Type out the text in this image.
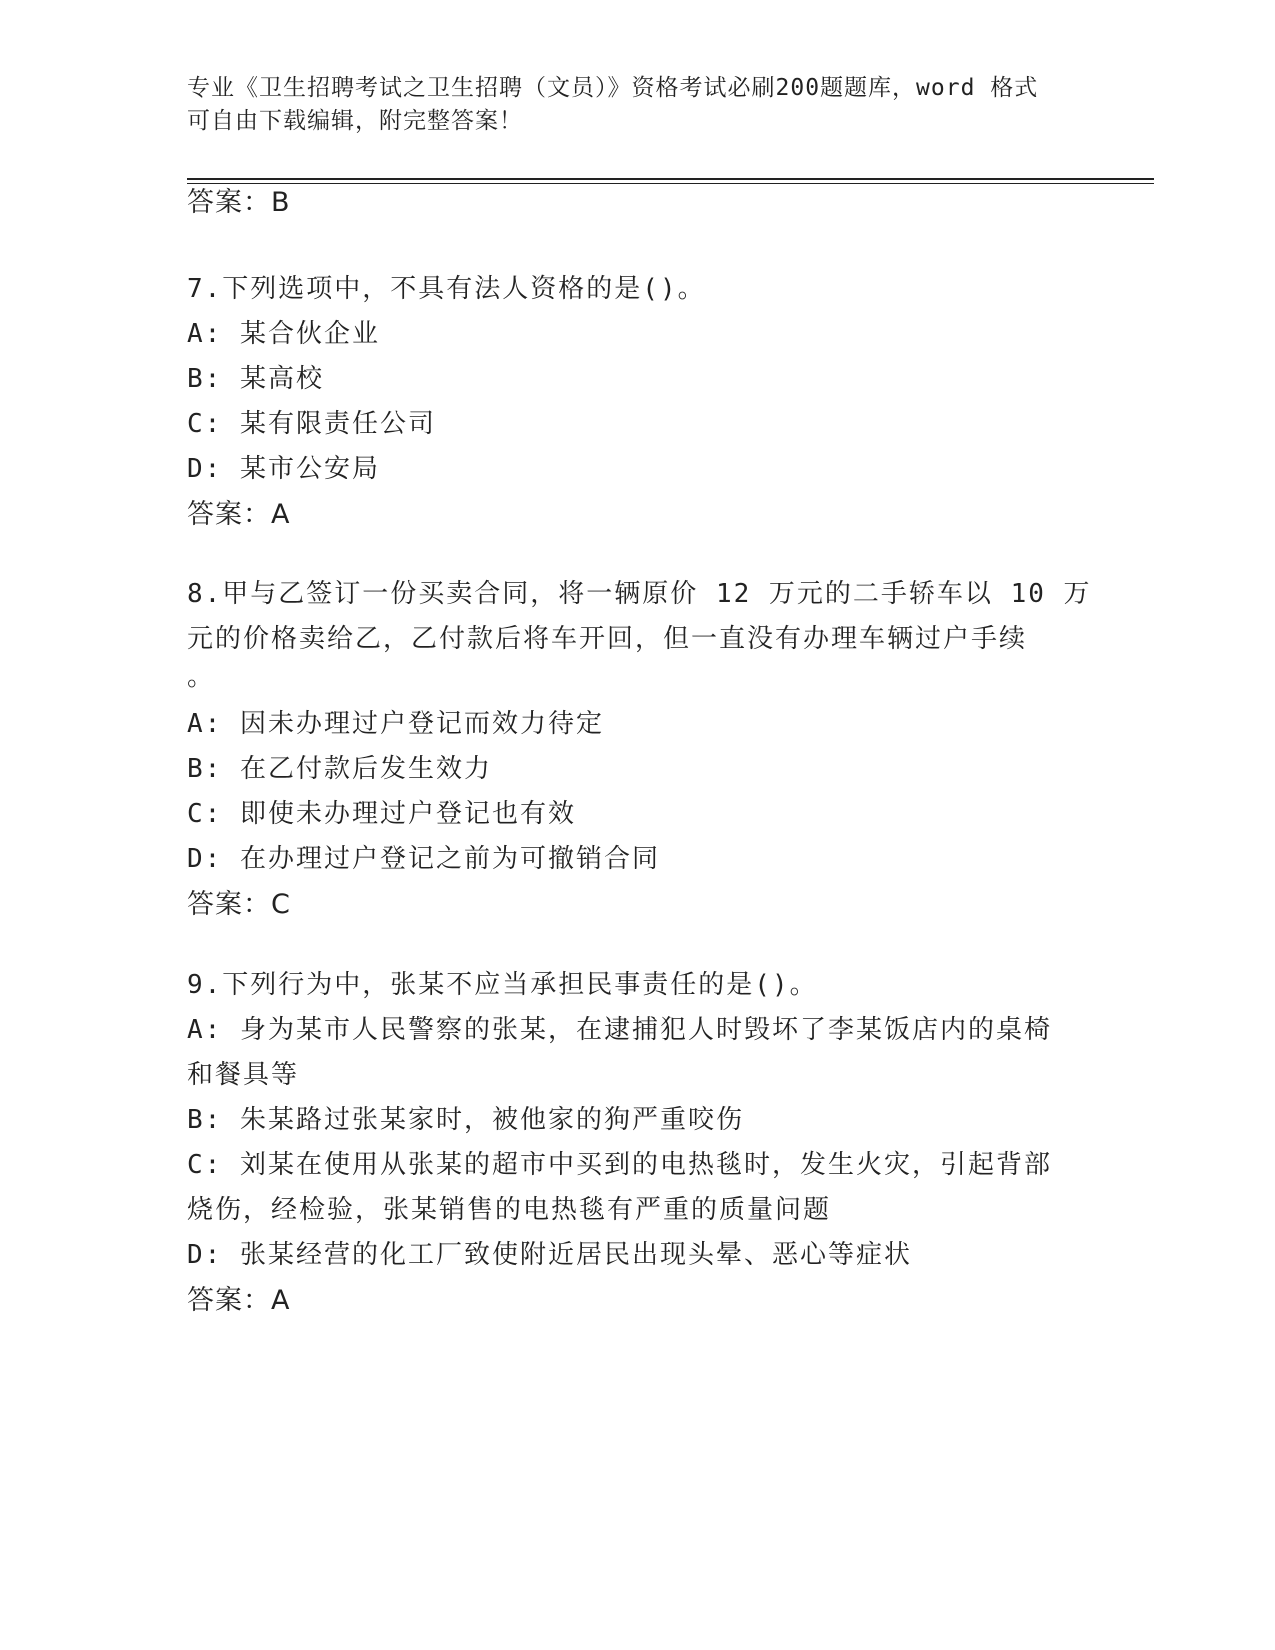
专业《卫生招聘考试之卫生招聘（文员）》资格考试必刷200题题库，word 格式
可自由下载编辑，附完整答案！
答案：B
7.下列选项中，不具有法人资格的是()。
A: 某合伙企业
B: 某高校
C: 某有限责任公司
D: 某市公安局
答案：A
8.甲与乙签订一份买卖合同，将一辆原价 12 万元的二手轿车以 10 万
元的价格卖给乙，乙付款后将车开回，但一直没有办理车辆过户手续
。
A: 因未办理过户登记而效力待定
B: 在乙付款后发生效力
C: 即使未办理过户登记也有效
D: 在办理过户登记之前为可撤销合同
答案：C
9.下列行为中，张某不应当承担民事责任的是()。
A: 身为某市人民警察的张某，在逮捕犯人时毁坏了李某饭店内的桌椅
和餐具等
B: 朱某路过张某家时，被他家的狗严重咬伤
C: 刘某在使用从张某的超市中买到的电热毯时，发生火灾，引起背部
烧伤，经检验，张某销售的电热毯有严重的质量问题
D: 张某经营的化工厂致使附近居民出现头晕、恶心等症状
答案：A
